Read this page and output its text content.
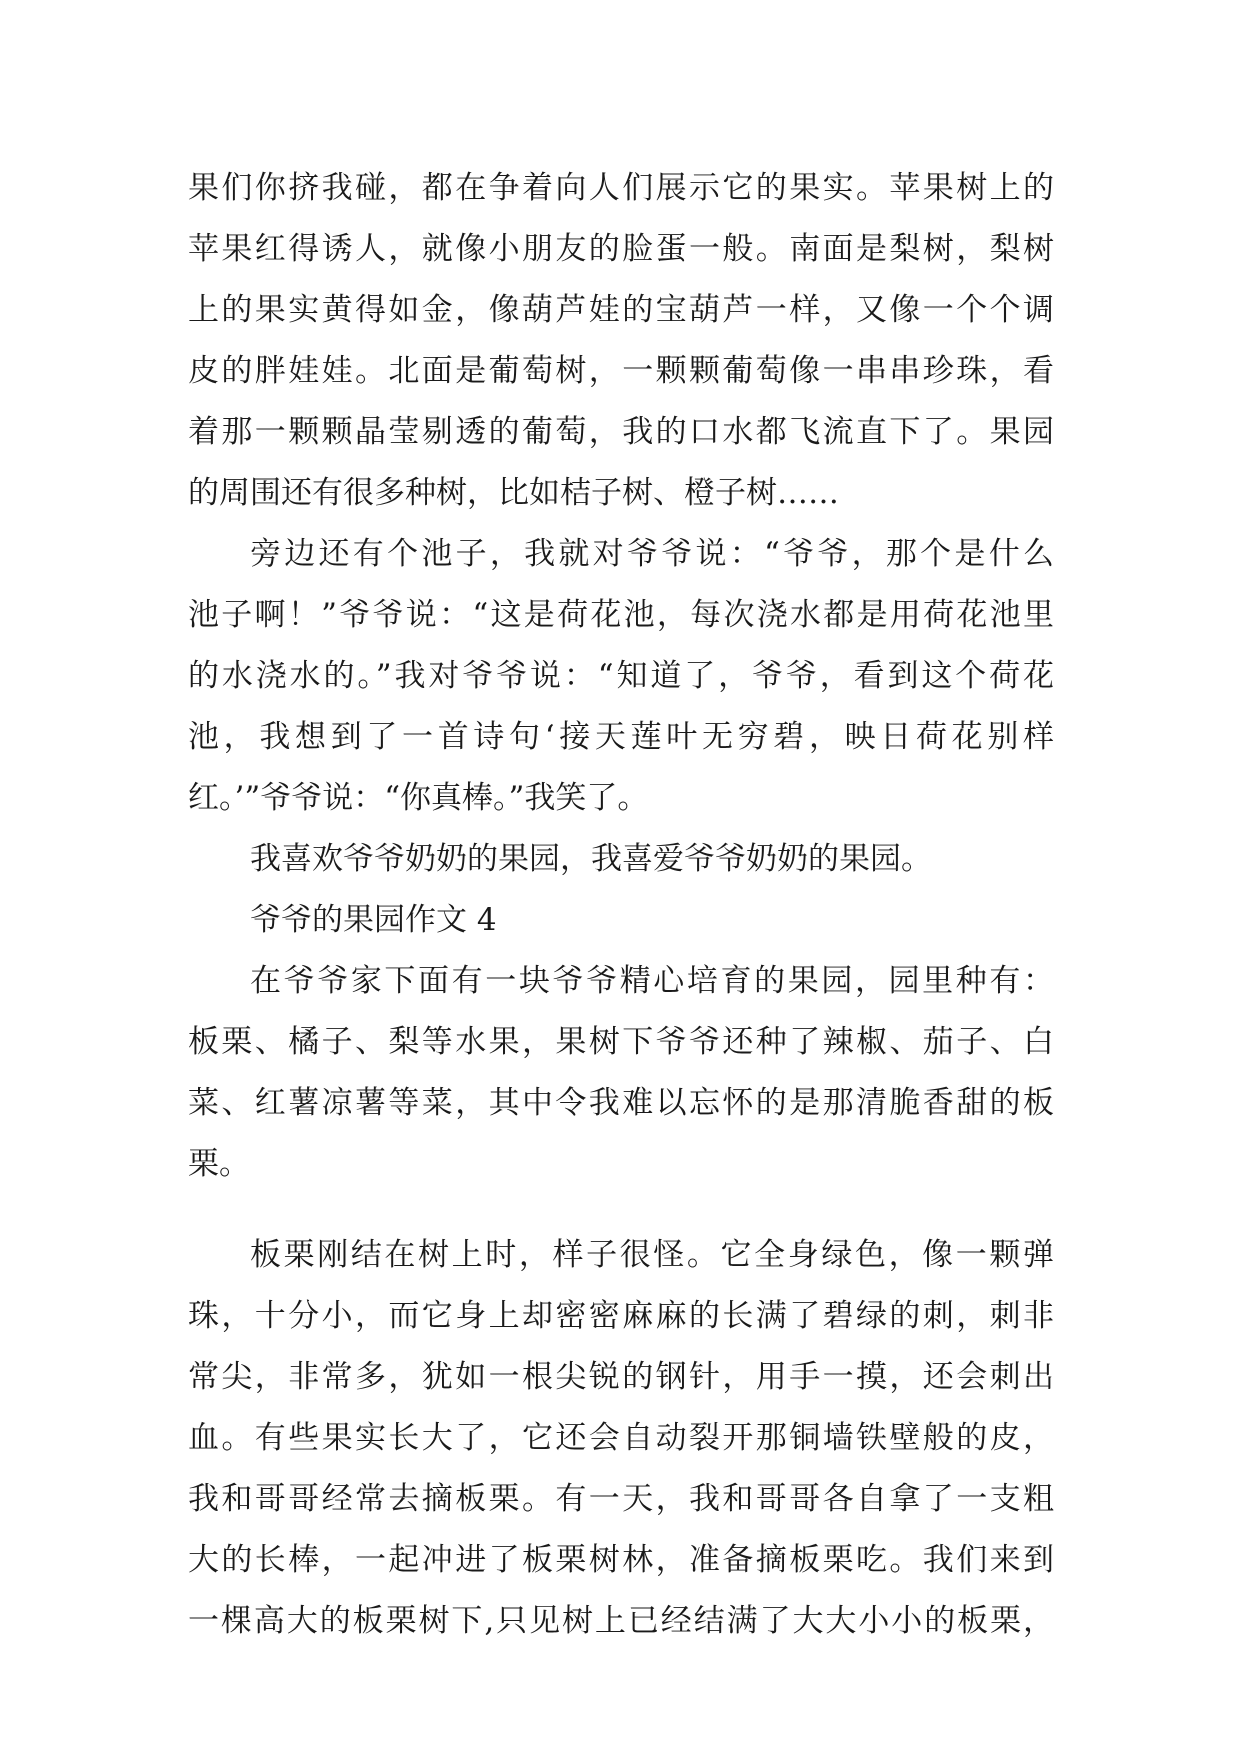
果们你挤我碰，都在争着向人们展示它的果实。苹果树上的
苹果红得诱人，就像小朋友的脸蛋一般。南面是梨树，梨树
上的果实黄得如金，像葫芦娃的宝葫芦一样，又像一个个调
皮的胖娃娃。北面是葡萄树，一颗颗葡萄像一串串珍珠，看
着那一颗颗晶莹剔透的葡萄，我的口水都飞流直下了。果园
的周围还有很多种树，比如桔子树、橙子树……
旁边还有个池子，我就对爷爷说：“爷爷，那个是什么
池子啊！”爷爷说：“这是荷花池，每次浇水都是用荷花池里
的水浇水的。”我对爷爷说：“知道了，爷爷，看到这个荷花
池，我想到了一首诗句‘接天莲叶无穷碧，映日荷花别样
红。’”爷爷说：“你真棒。”我笑了。
我喜欢爷爷奶奶的果园，我喜爱爷爷奶奶的果园。
爷爷的果园作文 4
在爷爷家下面有一块爷爷精心培育的果园，园里种有：
板栗、橘子、梨等水果，果树下爷爷还种了辣椒、茄子、白
菜、红薯凉薯等菜，其中令我难以忘怀的是那清脆香甜的板
栗。
板栗刚结在树上时，样子很怪。它全身绿色，像一颗弹
珠，十分小，而它身上却密密麻麻的长满了碧绿的刺，刺非
常尖，非常多，犹如一根尖锐的钢针，用手一摸，还会刺出
血。有些果实长大了，它还会自动裂开那铜墙铁壁般的皮，
我和哥哥经常去摘板栗。有一天，我和哥哥各自拿了一支粗
大的长棒，一起冲进了板栗树林，准备摘板栗吃。我们来到
一棵高大的板栗树下,只见树上已经结满了大大小小的板栗，
